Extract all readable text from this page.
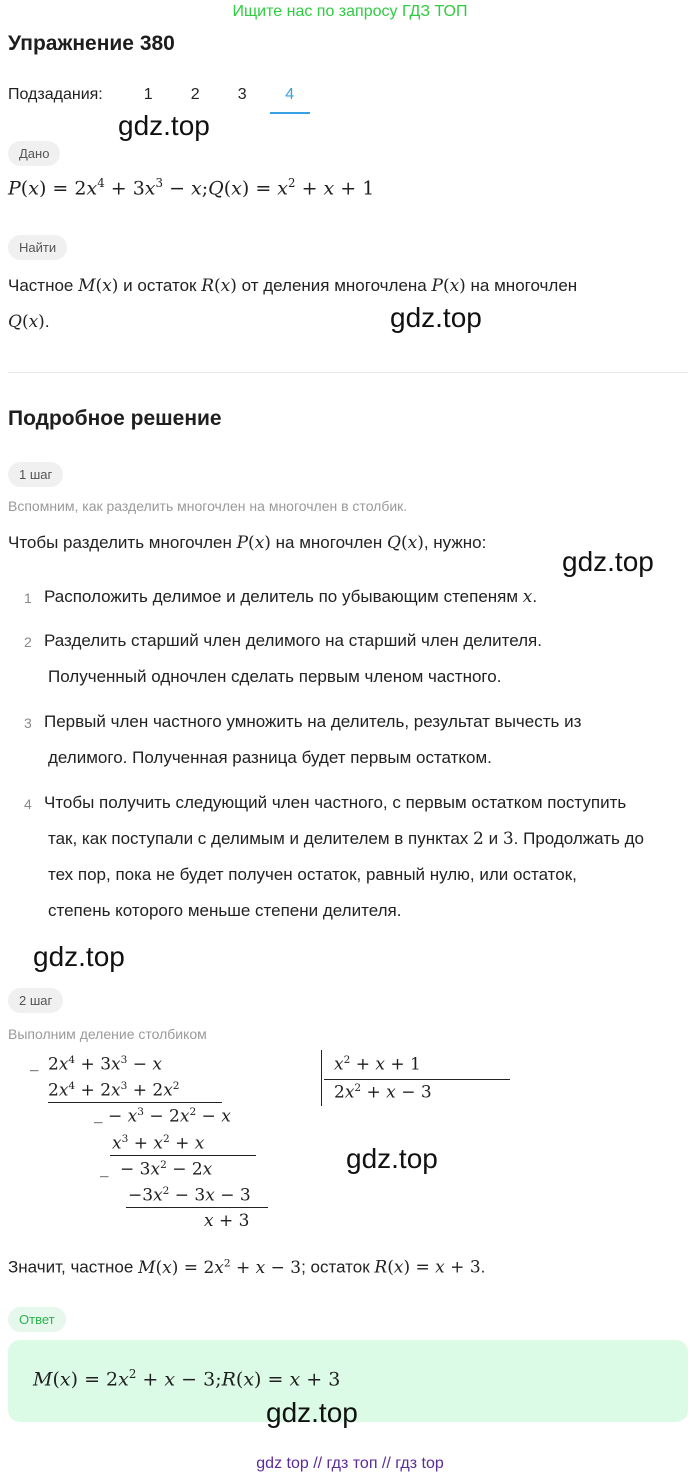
Ищите нас по запросу ГДЗ ТОП
Упражнение 380
Подзадания:	1	2	3	4
gdz.top
Дано
$P(x) = 2x^4 + 3x^3$ − x;Q(x) = $x^2 + x + 1$
Найти
Частное M(x) и остаток R(x) от деления многочлена P(x) на многочлен
Q(x).	gdz.top
Подробное решение
1 шаг
Вспомним, как разделить многочлен на многочлен в столбик.
Чтобы разделить многочлен P(x) на многочлен Q(x), нужно:
gdz.top
1 Расположить делимое и делитель по убывающим степеням x.
2 Разделить старший член делимого на старший член делителя.
Полученный одночлен сделать первым членом частного.
3 Первый член частного умножить на делитель, результат вычесть из
делимого. Полученная разница будет первым остатком.
4 Чтобы получить следующий член частного, с первым остатком поступить
так, как поступали с делимым и делителем в пунктах 2 и 3. Продолжать до
тех пор, пока не будет получен остаток, равный нулю, или остаток,
степень которого меньше степени делителя.
gdz.top
2 шаг
Выполним деление столбиком
_ $2x^4 + 3x^3 - x$
$2x^4 + 2x^3 + 2x^2$
_ − $x^3 - 2x^2 - x$
$x^3 + x^2 + x$
_ − $3x^2 - 2x$
$-3x^2 - 3x - 3$
x + 3
$x^2 + x + 1$
$2x^2 + x - 3$
gdz.top
Значит, частное $M(x) = 2x^2 + x - 3$; остаток R(x) = x + 3.
Ответ
$M(x) = 2x^2 + x$ − 3;R(x) = x + 3
gdz.top
gdz top // гдз топ // гдз top
